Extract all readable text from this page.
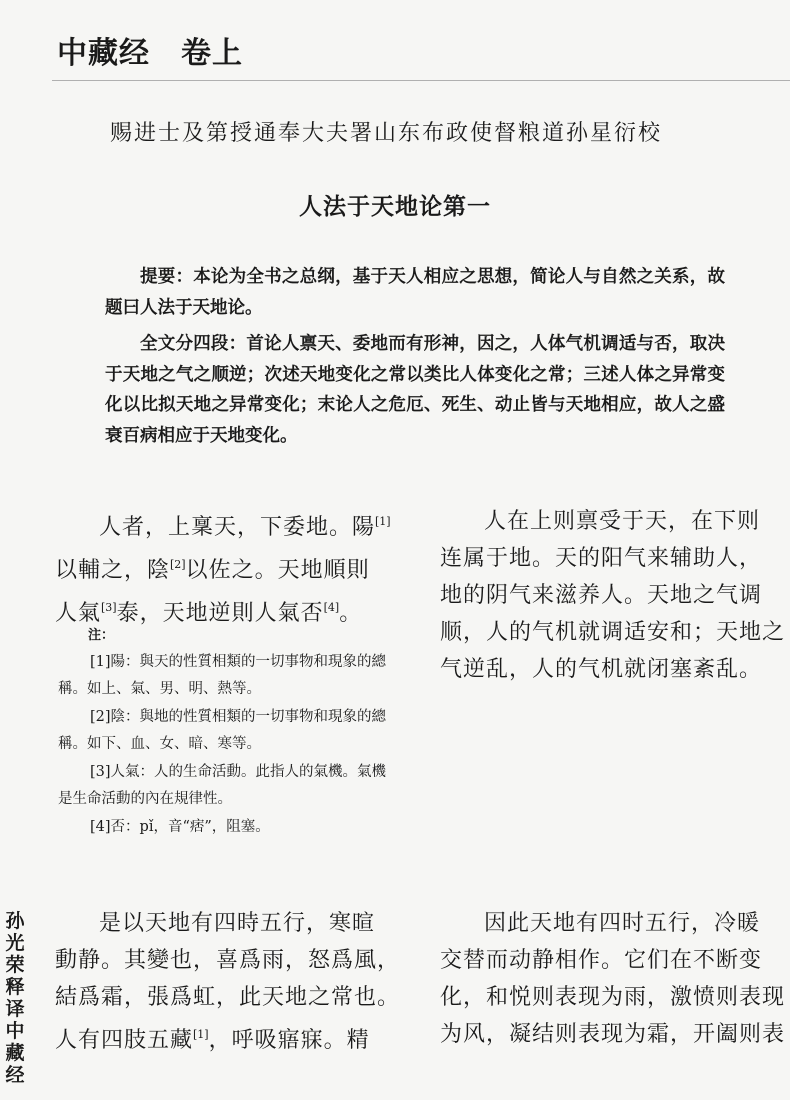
中藏经　卷上
赐进士及第授通奉大夫署山东布政使督粮道孙星衍校
人法于天地论第一

提要：本论为全书之总纲，基于天人相应之思想，简论人与自然之关系，故题曰人法于天地论。

全文分四段：首论人禀天、委地而有形神，因之，人体气机调适与否，取决于天地之气之顺逆；次述天地变化之常以类比人体变化之常；三述人体之异常变化以比拟天地之异常变化；末论人之危厄、死生、动止皆与天地相应，故人之盛衰百病相应于天地变化。

人者，上稟天，下委地。陽[1]
以輔之，陰[2]以佐之。天地順則
人氣[3]泰，天地逆則人氣否[4]。
人在上则禀受于天，在下则
连属于地。天的阳气来辅助人，
地的阴气来滋养人。天地之气调
顺，人的气机就调适安和；天地之
气逆乱，人的气机就闭塞紊乱。
注：
[1]陽：與天的性質相類的一切事物和現象的總稱。如上、氣、男、明、熱等。
[2]陰：與地的性質相類的一切事物和現象的總稱。如下、血、女、暗、寒等。
[3]人氣：人的生命活動。此指人的氣機。氣機是生命活動的內在規律性。
[4]否：pǐ，音“痞”，阻塞。
是以天地有四時五行，寒暄
動静。其變也，喜爲雨，怒爲風，
結爲霜，張爲虹，此天地之常也。
人有四肢五藏[1]，呼吸寤寐。精
因此天地有四时五行，冷暖
交替而动静相作。它们在不断变
化，和悦则表现为雨，激愤则表现
为风，凝结则表现为霜，开阖则表
孙光荣释译中藏经
